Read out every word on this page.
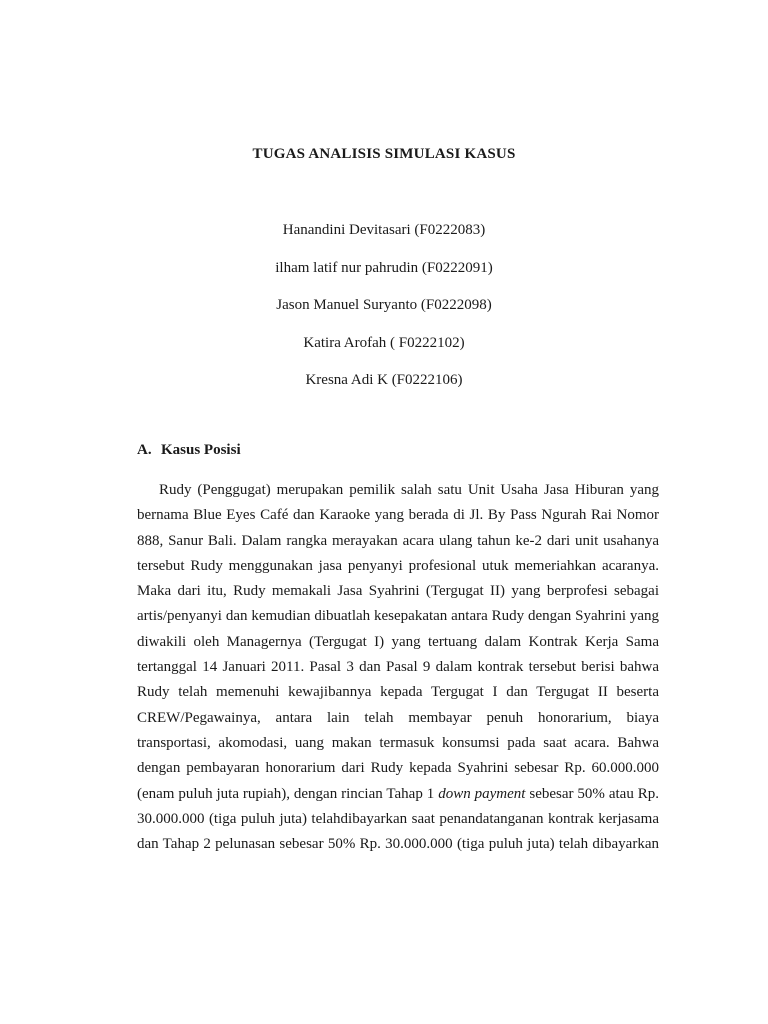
TUGAS ANALISIS SIMULASI KASUS
Hanandini Devitasari (F0222083)
ilham latif nur pahrudin (F0222091)
Jason Manuel Suryanto (F0222098)
Katira Arofah ( F0222102)
Kresna Adi K (F0222106)
A. Kasus Posisi

Rudy (Penggugat) merupakan pemilik salah satu Unit Usaha Jasa Hiburan yang
bernama Blue Eyes Café dan Karaoke yang berada di Jl. By Pass Ngurah Rai Nomor
888, Sanur Bali. Dalam rangka merayakan acara ulang tahun ke-2 dari unit usahanya
tersebut Rudy menggunakan jasa penyanyi profesional utuk memeriahkan acaranya.
Maka dari itu, Rudy memakali Jasa Syahrini (Tergugat II) yang berprofesi sebagai
artis/penyanyi dan kemudian dibuatlah kesepakatan antara Rudy dengan Syahrini yang
diwakili oleh Managernya (Tergugat I) yang tertuang dalam Kontrak Kerja Sama
tertanggal 14 Januari 2011. Pasal 3 dan Pasal 9 dalam kontrak tersebut berisi bahwa
Rudy telah memenuhi kewajibannya kepada Tergugat I dan Tergugat II beserta
CREW/Pegawainya, antara lain telah membayar penuh honorarium, biaya
transportasi, akomodasi, uang makan termasuk konsumsi pada saat acara. Bahwa
dengan pembayaran honorarium dari Rudy kepada Syahrini sebesar Rp. 60.000.000
(enam puluh juta rupiah), dengan rincian Tahap 1 down payment sebesar 50% atau Rp.
30.000.000 (tiga puluh juta) telahdibayarkan saat penandatanganan kontrak kerjasama
dan Tahap 2 pelunasan sebesar 50% Rp. 30.000.000 (tiga puluh juta) telah dibayarkan
